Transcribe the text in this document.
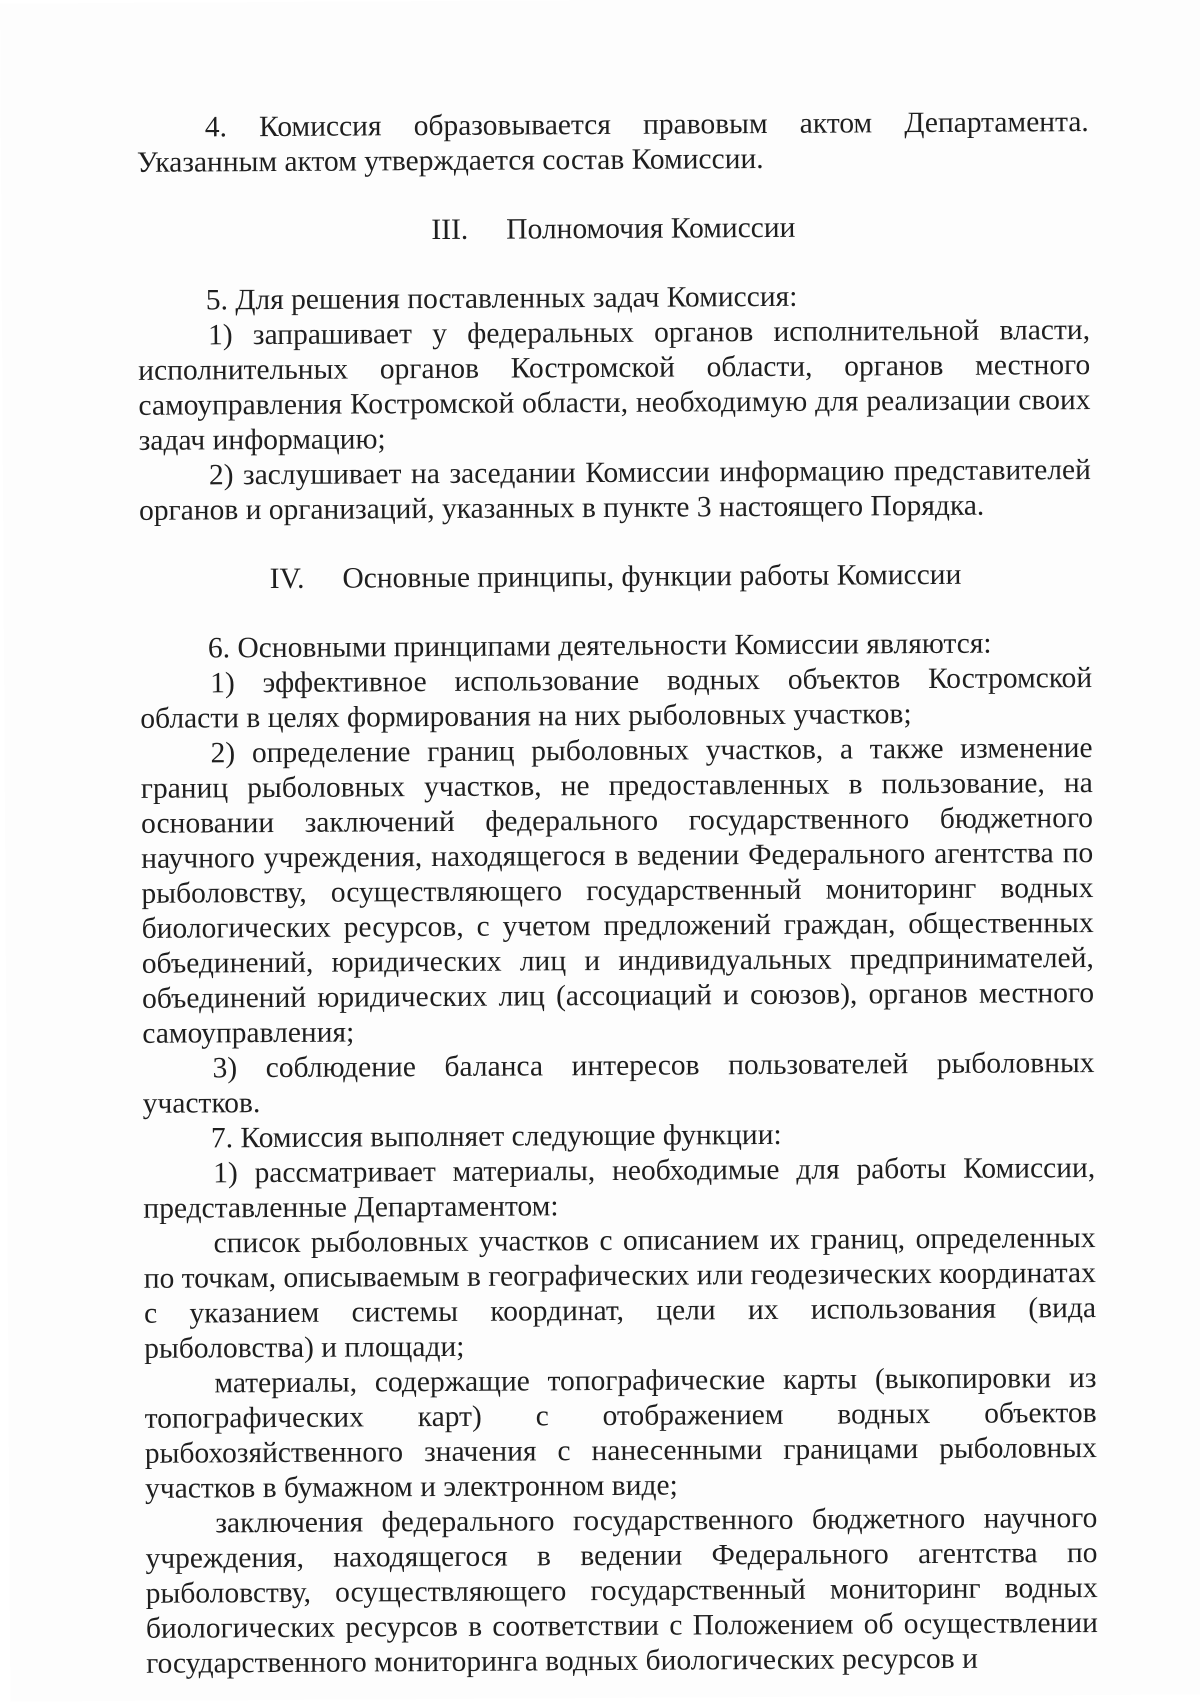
4. Комиссия образовывается правовым актом Департамента. Указанным актом утверждается состав Комиссии.

III. Полномочия Комиссии

5. Для решения поставленных задач Комиссия:

1) запрашивает у федеральных органов исполнительной власти, исполнительных органов Костромской области, органов местного самоуправления Костромской области, необходимую для реализации своих задач информацию;

2) заслушивает на заседании Комиссии информацию представителей органов и организаций, указанных в пункте 3 настоящего Порядка.

IV. Основные принципы, функции работы Комиссии

6. Основными принципами деятельности Комиссии являются:

1) эффективное использование водных объектов Костромской области в целях формирования на них рыболовных участков;

2) определение границ рыболовных участков, а также изменение границ рыболовных участков, не предоставленных в пользование, на основании заключений федерального государственного бюджетного научного учреждения, находящегося в ведении Федерального агентства по рыболовству, осуществляющего государственный мониторинг водных биологических ресурсов, с учетом предложений граждан, общественных объединений, юридических лиц и индивидуальных предпринимателей, объединений юридических лиц (ассоциаций и союзов), органов местного самоуправления;

3) соблюдение баланса интересов пользователей рыболовных участков.

7. Комиссия выполняет следующие функции:

1) рассматривает материалы, необходимые для работы Комиссии, представленные Департаментом:

список рыболовных участков с описанием их границ, определенных по точкам, описываемым в географических или геодезических координатах с указанием системы координат, цели их использования (вида рыболовства) и площади;

материалы, содержащие топографические карты (выкопировки из топографических карт) с отображением водных объектов рыбохозяйственного значения с нанесенными границами рыболовных участков в бумажном и электронном виде;

заключения федерального государственного бюджетного научного учреждения, находящегося в ведении Федерального агентства по рыболовству, осуществляющего государственный мониторинг водных биологических ресурсов в соответствии с Положением об осуществлении государственного мониторинга водных биологических ресурсов и
